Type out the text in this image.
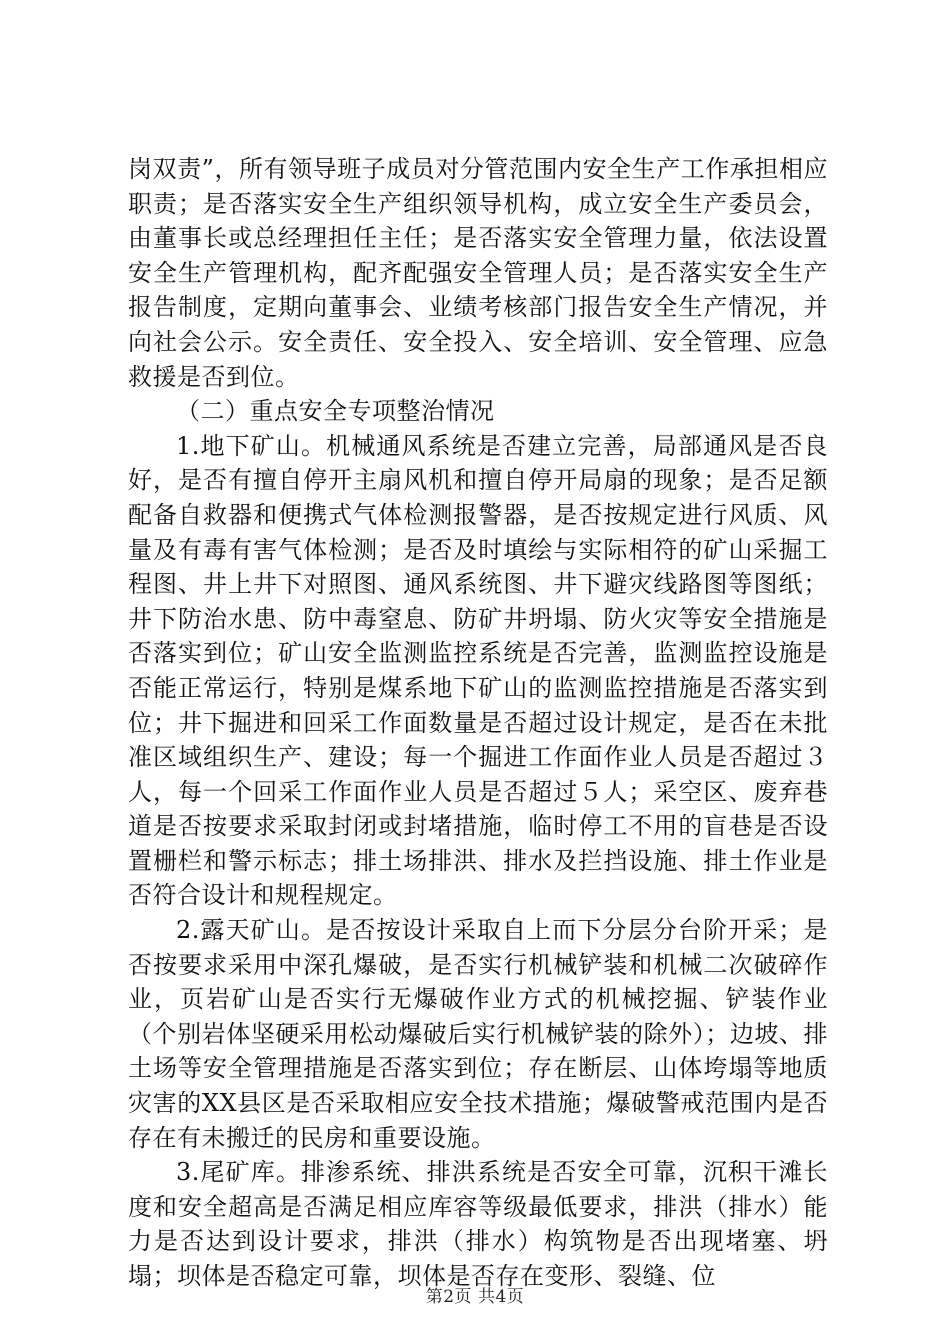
岗双责”，所有领导班子成员对分管范围内安全生产工作承担相应职责；是否落实安全生产组织领导机构，成立安全生产委员会，由董事长或总经理担任主任；是否落实安全管理力量，依法设置安全生产管理机构，配齐配强安全管理人员；是否落实安全生产报告制度，定期向董事会、业绩考核部门报告安全生产情况，并向社会公示。安全责任、安全投入、安全培训、安全管理、应急救援是否到位。

（二）重点安全专项整治情况

1.地下矿山。机械通风系统是否建立完善，局部通风是否良好，是否有擅自停开主扇风机和擅自停开局扇的现象；是否足额配备自救器和便携式气体检测报警器，是否按规定进行风质、风量及有毒有害气体检测；是否及时填绘与实际相符的矿山采掘工程图、井上井下对照图、通风系统图、井下避灾线路图等图纸；井下防治水患、防中毒窒息、防矿井坍塌、防火灾等安全措施是否落实到位；矿山安全监测监控系统是否完善，监测监控设施是否能正常运行，特别是煤系地下矿山的监测监控措施是否落实到位；井下掘进和回采工作面数量是否超过设计规定，是否在未批准区域组织生产、建设；每一个掘进工作面作业人员是否超过３人，每一个回采工作面作业人员是否超过５人；采空区、废弃巷道是否按要求采取封闭或封堵措施，临时停工不用的盲巷是否设置栅栏和警示标志；排土场排洪、排水及拦挡设施、排土作业是否符合设计和规程规定。

2.露天矿山。是否按设计采取自上而下分层分台阶开采；是否按要求采用中深孔爆破，是否实行机械铲装和机械二次破碎作业，页岩矿山是否实行无爆破作业方式的机械挖掘、铲装作业（个别岩体坚硬采用松动爆破后实行机械铲装的除外）；边坡、排土场等安全管理措施是否落实到位；存在断层、山体垮塌等地质灾害的XX县区是否采取相应安全技术措施；爆破警戒范围内是否存在有未搬迁的民房和重要设施。

3.尾矿库。排渗系统、排洪系统是否安全可靠，沉积干滩长度和安全超高是否满足相应库容等级最低要求，排洪（排水）能力是否达到设计要求，排洪（排水）构筑物是否出现堵塞、坍塌；坝体是否稳定可靠，坝体是否存在变形、裂缝、位

第2页 共4页
